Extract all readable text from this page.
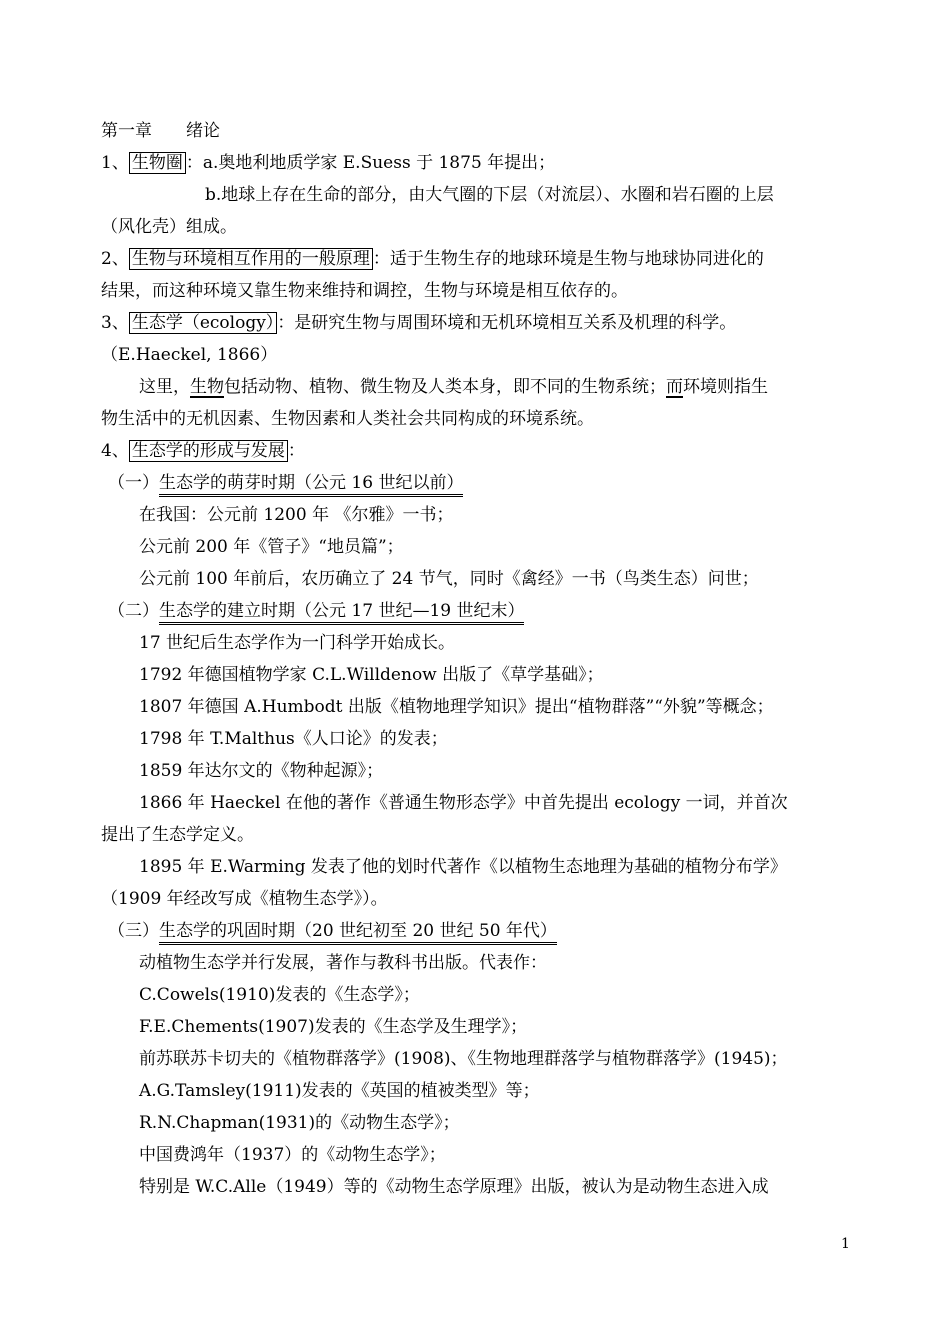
第一章 绪论
1、 生物圈 ：a.奥地利地质学家 E.Suess 于 1875 年提出；
b.地球上存在生命的部分，由大气圈的下层（对流层）、水圈和岩石圈的上层
（风化壳）组成。
2、 生物与环境相互作用的一般原理 ：适于生物生存的地球环境是生物与地球协同进化的
结果，而这种环境又靠生物来维持和调控，生物与环境是相互依存的。
3、 生态学（ecology） ：是研究生物与周围环境和无机环境相互关系及机理的科学。
（E.Haeckel, 1866）
这里，生物包括动物、植物、微生物及人类本身，即不同的生物系统；而环境则指生
物生活中的无机因素、生物因素和人类社会共同构成的环境系统。
4、 生态学的形成与发展 ：
（一）生态学的萌芽时期（公元 16 世纪以前）
在我国：公元前 1200 年 《尔雅》一书；
公元前 200 年《管子》“地员篇”；
公元前 100 年前后，农历确立了 24 节气，同时《禽经》一书（鸟类生态）问世；
（二）生态学的建立时期（公元 17 世纪—19 世纪末）
17 世纪后生态学作为一门科学开始成长。
1792 年德国植物学家 C.L.Willdenow 出版了《草学基础》；
1807 年德国 A.Humbodt 出版《植物地理学知识》提出“植物群落”“外貌”等概念；
1798 年 T.Malthus《人口论》的发表；
1859 年达尔文的《物种起源》；
1866 年 Haeckel 在他的著作《普通生物形态学》中首先提出 ecology 一词，并首次
提出了生态学定义。
1895 年 E.Warming 发表了他的划时代著作《以植物生态地理为基础的植物分布学》
（1909 年经改写成《植物生态学》）。
（三）生态学的巩固时期（20 世纪初至 20 世纪 50 年代）
动植物生态学并行发展，著作与教科书出版。代表作：
C.Cowels(1910)发表的《生态学》；
F.E.Chements(1907)发表的《生态学及生理学》；
前苏联苏卡切夫的《植物群落学》(1908)、《生物地理群落学与植物群落学》(1945)；
A.G.Tamsley(1911)发表的《英国的植被类型》等；
R.N.Chapman(1931)的《动物生态学》；
中国费鸿年（1937）的《动物生态学》；
特别是 W.C.Alle（1949）等的《动物生态学原理》出版，被认为是动物生态进入成
1
